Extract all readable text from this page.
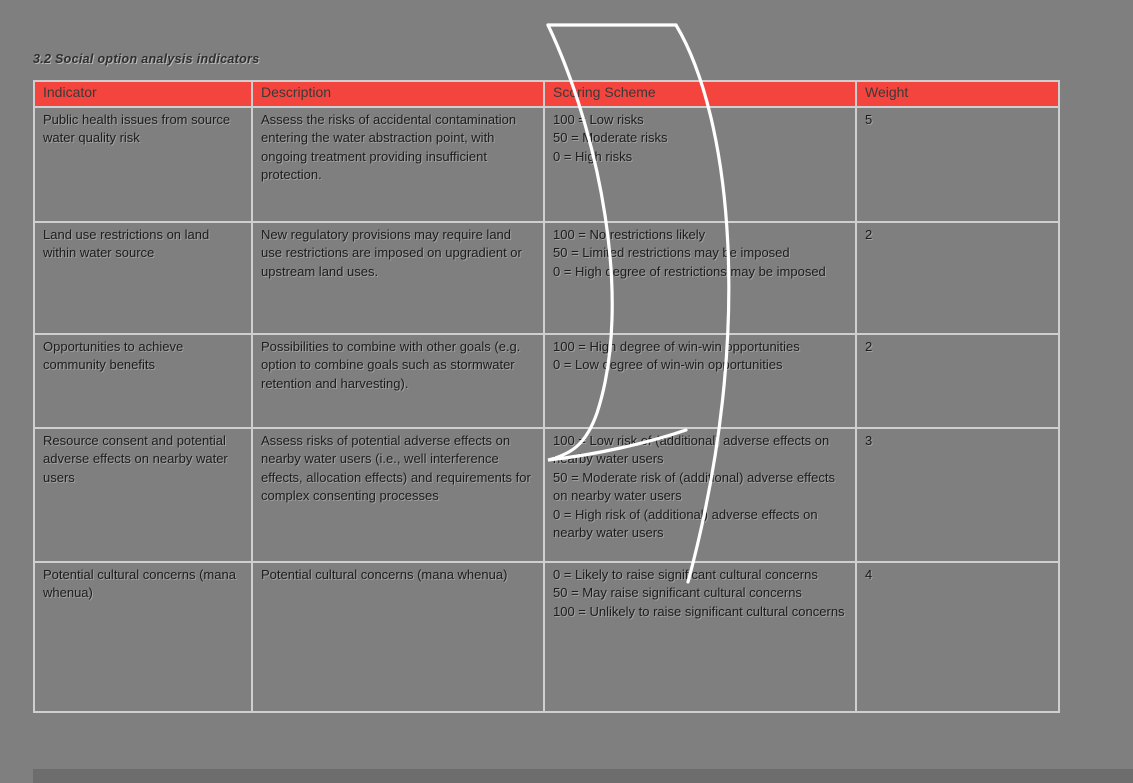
3.2 Social option analysis indicators
Indicator	Description	Scoring Scheme	Weight
Public health issues from source water quality risk	Assess the risks of accidental contamination entering the water abstraction point, with ongoing treatment providing insufficient protection.	100 = Low risks
50 = Moderate risks
0 = High risks	5
Land use restrictions on land within water source	New regulatory provisions may require land use restrictions are imposed on upgradient or upstream land uses.	100 = No restrictions likely
50 = Limited restrictions may be imposed
0 = High degree of restrictions may be imposed	2
Opportunities to achieve community benefits	Possibilities to combine with other goals (e.g. option to combine goals such as stormwater retention and harvesting).	100 = High degree of win-win opportunities
0 = Low degree of win-win opportunities	2
Resource consent and potential adverse effects on nearby water users	Assess risks of potential adverse effects on nearby water users (i.e., well interference effects, allocation effects) and requirements for complex consenting processes	100 = Low risk of (additional) adverse effects on nearby water users
50 = Moderate risk of (additional) adverse effects on nearby water users
0 = High risk of (additional) adverse effects on nearby water users	3
Potential cultural concerns (mana whenua)	Potential cultural concerns (mana whenua)	0 = Likely to raise significant cultural concerns
50 = May raise significant cultural concerns
100 = Unlikely to raise significant cultural concerns	4
